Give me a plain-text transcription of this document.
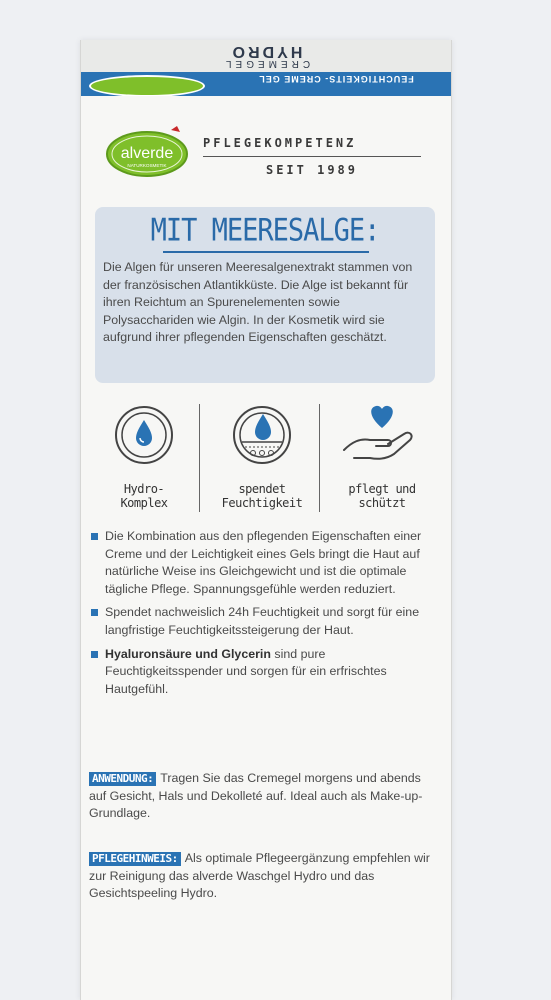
HYDRO
CREMEGEL
FEUCHTIGKEITS- CREME GEL
alverde
NATURKOSMETIK
PFLEGEKOMPETENZ
SEIT 1989
MIT MEERESALGE:

Die Algen für unseren Meeresalgenextrakt stammen von der französischen Atlantikküste. Die Alge ist bekannt für ihren Reichtum an Spurenelementen sowie Polysacchariden wie Algin. In der Kosmetik wird sie aufgrund ihrer pflegenden Eigenschaften geschätzt.

Hydro-
Komplex
spendet
Feuchtigkeit
pflegt und
schützt
Die Kombination aus den pflegenden Eigenschaften einer Creme und der Leichtigkeit eines Gels bringt die Haut auf natürliche Weise ins Gleichgewicht und ist die optimale tägliche Pflege. Spannungsgefühle werden reduziert.
Spendet nachweislich 24h Feuchtigkeit und sorgt für eine langfristige Feuchtigkeitssteigerung der Haut.
Hyaluronsäure und Glycerin sind pure Feuchtigkeitsspender und sorgen für ein erfrischtes Hautgefühl.
ANWENDUNG: Tragen Sie das Cremegel morgens und abends auf Gesicht, Hals und Dekolleté auf. Ideal auch als Make-up-Grundlage.
PFLEGEHINWEIS: Als optimale Pflegeergänzung empfehlen wir zur Reinigung das alverde Waschgel Hydro und das Gesichtspeeling Hydro.
